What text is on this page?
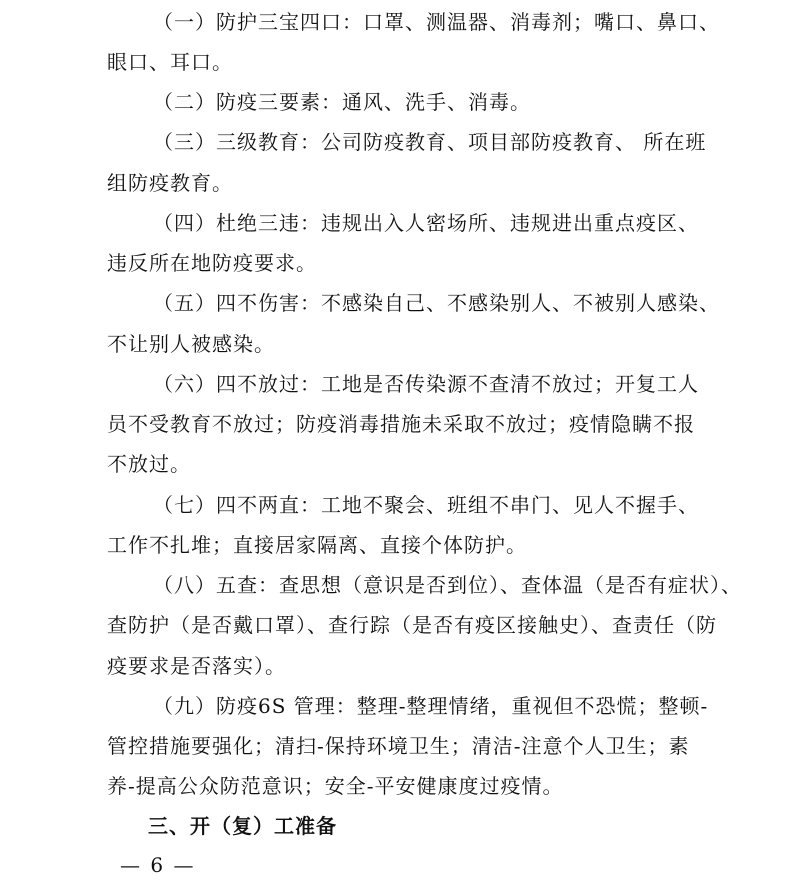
（一）防护三宝四口：口罩、测温器、消毒剂；嘴口、鼻口、
眼口、耳口。
（二）防疫三要素：通风、洗手、消毒。
（三）三级教育：公司防疫教育、项目部防疫教育、 所在班
组防疫教育。
（四）杜绝三违：违规出入人密场所、违规进出重点疫区、
违反所在地防疫要求。
（五）四不伤害：不感染自己、不感染别人、不被别人感染、
不让别人被感染。
（六）四不放过：工地是否传染源不查清不放过；开复工人
员不受教育不放过；防疫消毒措施未采取不放过；疫情隐瞒不报
不放过。
（七）四不两直：工地不聚会、班组不串门、见人不握手、
工作不扎堆；直接居家隔离、直接个体防护。
（八）五查：查思想（意识是否到位）、查体温（是否有症状）、
查防护（是否戴口罩）、查行踪（是否有疫区接触史）、查责任（防
疫要求是否落实）。
（九）防疫6S 管理：整理-整理情绪，重视但不恐慌；整顿-
管控措施要强化；清扫-保持环境卫生；清洁-注意个人卫生；素
养-提高公众防范意识；安全-平安健康度过疫情。
三、开（复）工准备
— 6 —
